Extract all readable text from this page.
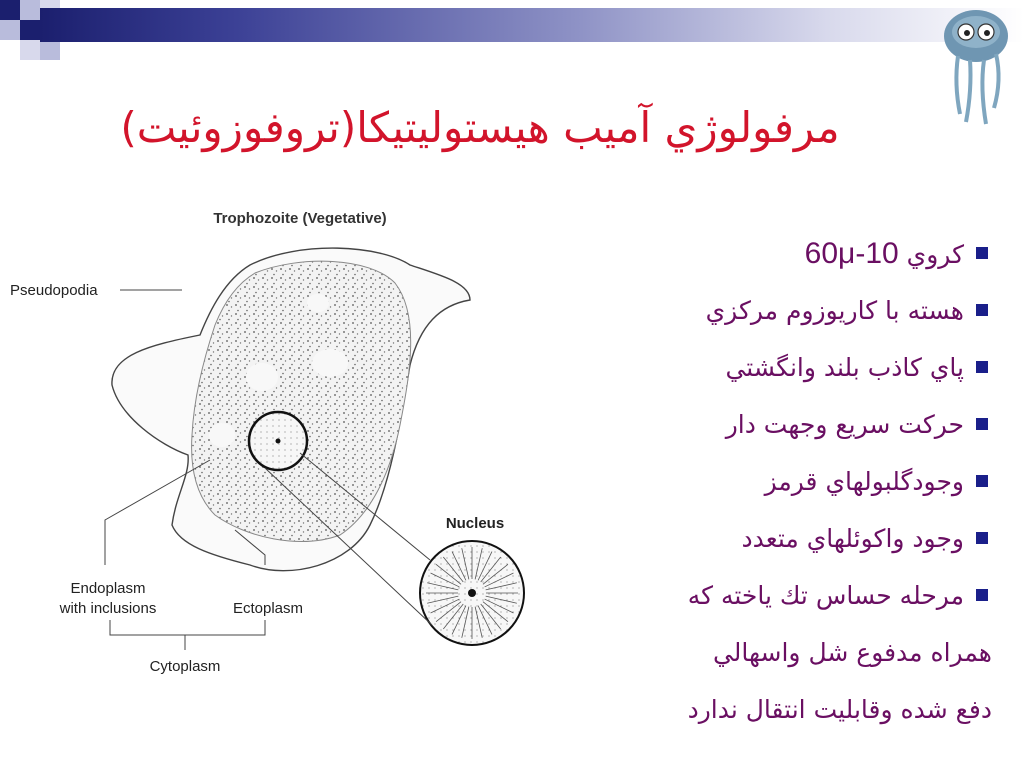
مرفولوژي آميب هيستوليتيكا(تروفوزوئيت)
Trophozoite (Vegetative)
Pseudopodia
Nucleus
Endoplasm
with inclusions	Ectoplasm
Cytoplasm
كروي 10-60μ
هسته با كاريوزوم مركزي
پاي كاذب بلند وانگشتي
حركت سريع وجهت دار
وجودگلبولهاي قرمز
وجود واكوئلهاي متعدد
مرحله حساس تك ياخته كه
همراه مدفوع شل واسهالي
دفع شده وقابليت انتقال ندارد
